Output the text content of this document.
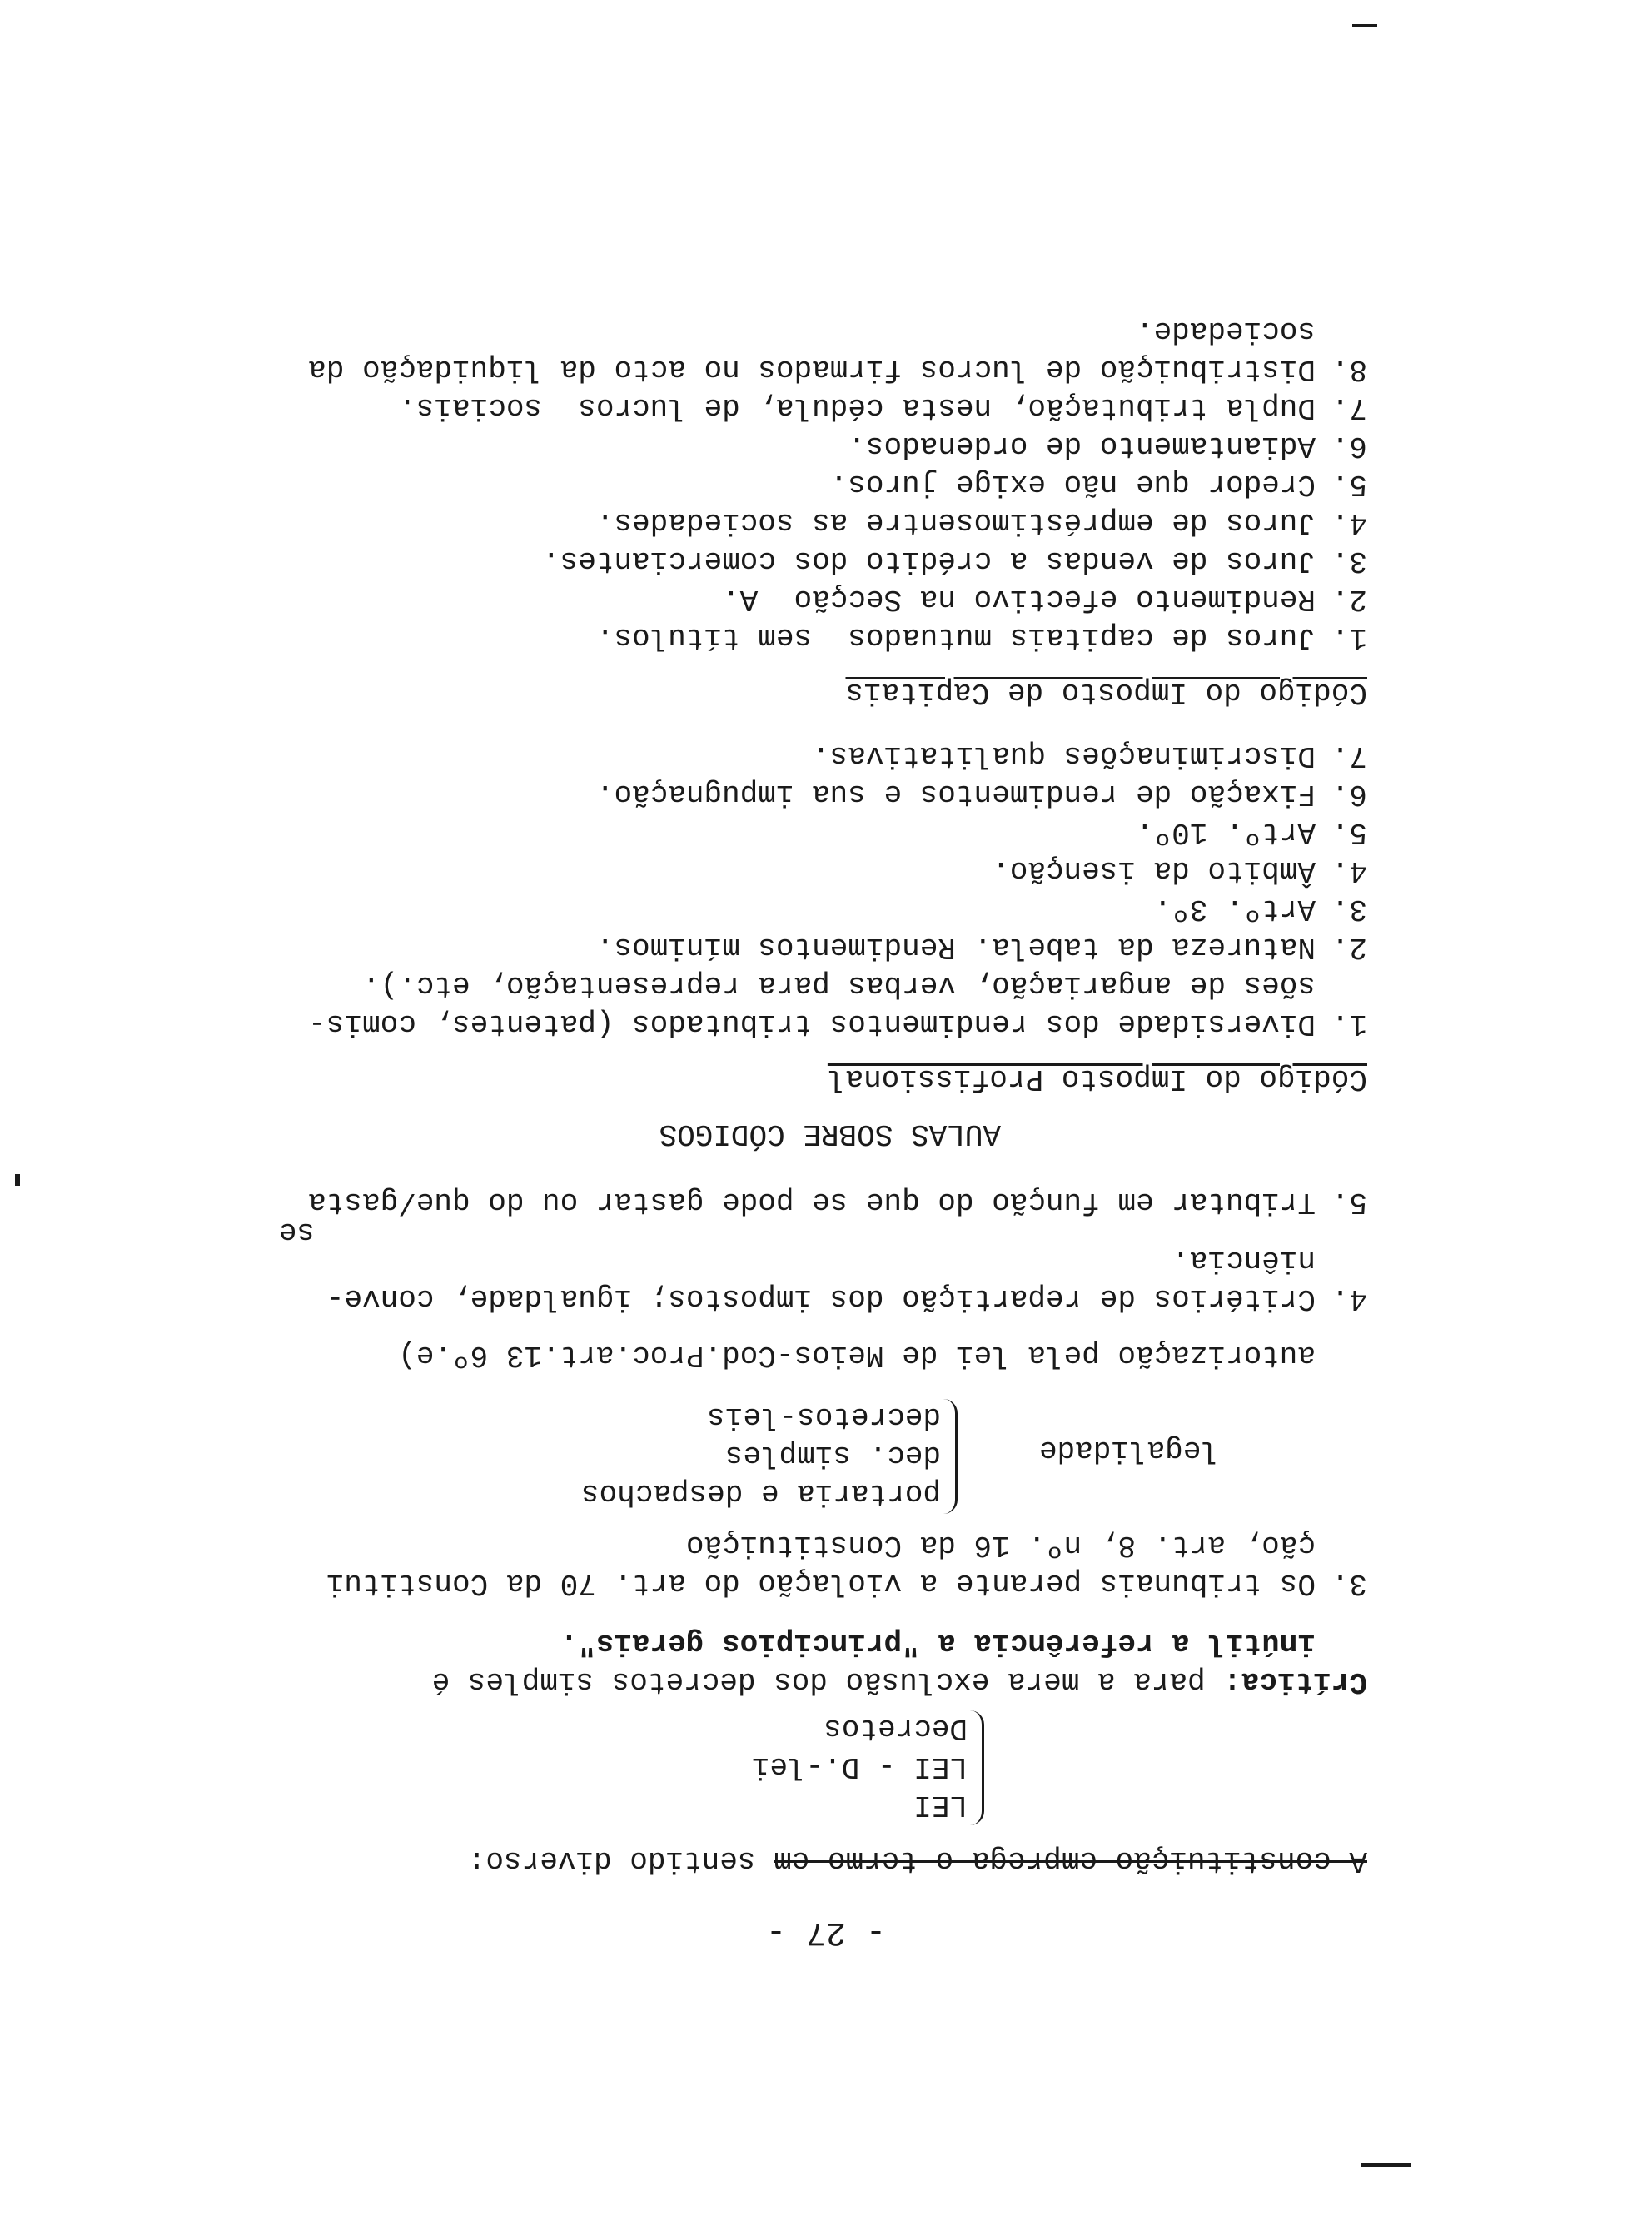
- 27 -
A constituição emprega o termo em sentido diverso:
LEI
LEI - D.-lei
Decretos
Crítica: para a mera exclusão dos decretos simples é
inútil a referência a "principios gerais".
3.Os tribunais perante a violação do art. 70 da Constitui
ção, art. 8, nº. 16 da Constituição
legalidade
portaria e despachos
dec. simples
decretos-leis
autorização pela lei de Meios-Cod.Proc.art.13 6º.e)
4.Critérios de repartição dos impostos; igualdade, conve-
niência.
se
5.Tributar em função do que se pode gastar ou do que/gasta
AULAS SOBRE CÓDIGOS
Código do Imposto Profissional
1.Diversidade dos rendimentos tributados (patentes, comis-
sões de angariação, verbas para representação, etc.).
2.Natureza da tabela. Rendimentos mínimos.
3.Artº. 3º.
4.Âmbito da isenção.
5.Artº. 10º.
6.Fixação de rendimentos e sua impugnação.
7.Discriminações qualitativas.
Código do Imposto de Capitais
1.Juros de capitais mutuados  sem títulos.
2.Rendimento efectivo na Secção  A.
3.Juros de vendas a crédito dos comerciantes.
4.Juros de empréstimosentre as sociedades.
5.Credor que não exige juros.
6.Adiantamento de ordenados.
7.Dupla tributação, nesta cédula, de lucros  sociais.
8.Distribuição de lucros firmados no acto da liquidação da
sociedade.
